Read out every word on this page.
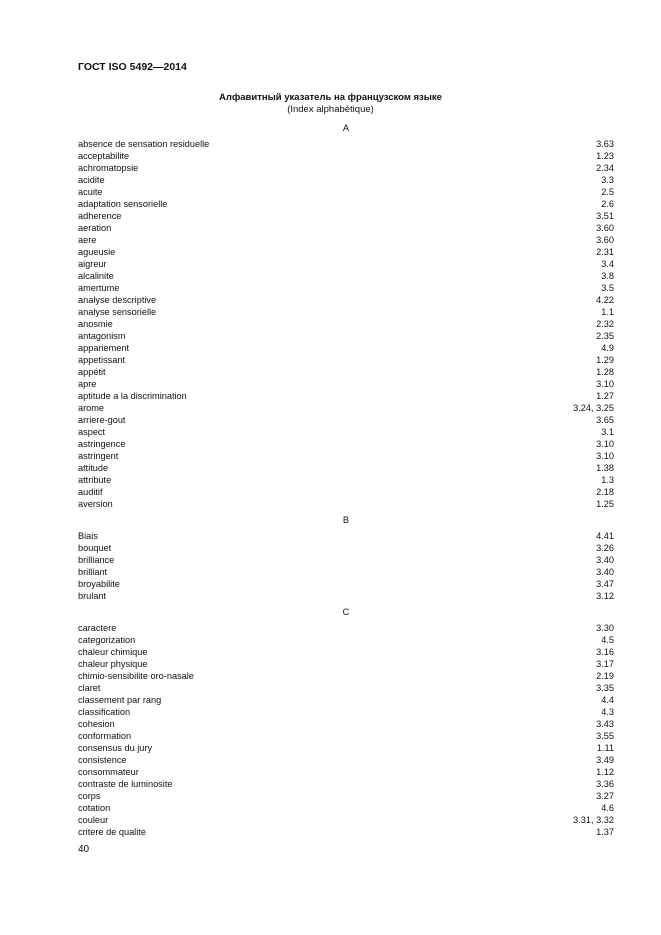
ГОСТ ISO 5492—2014
Алфавитный указатель на французском языке
(Index alphabétique)
A
absence de sensation residuelle	3.63
acceptabilite	1.23
achromatopsie	2.34
acidite	3.3
acuite	2.5
adaptation sensorielle	2.6
adherence	3.51
aeration	3.60
aere	3.60
agueusie	2.31
aigreur	3.4
alcalinite	3.8
amertume	3.5
analyse descriptive	4.22
analyse sensorielle	1.1
anosmie	2.32
antagonism	2.35
appariement	4.9
appetissant	1.29
appétit	1.28
apre	3.10
aptitude a la discrimination	1.27
arome	3.24, 3.25
arriere-gout	3.65
aspect	3.1
astringence	3.10
astringent	3.10
attitude	1.38
attribute	1.3
auditif	2.18
aversion	1.25
B
Biais	4.41
bouquet	3.26
brilliance	3.40
brilliant	3.40
broyabilite	3.47
brulant	3.12
C
caractere	3.30
categorization	4.5
chaleur chimique	3.16
chaleur physique	3.17
chimio-sensibilite oro-nasale	2.19
claret	3.35
classement par rang	4.4
classification	4.3
cohesion	3.43
conformation	3.55
consensus du jury	1.11
consistence	3.49
consommateur	1.12
contraste de luminosite	3.36
corps	3.27
cotation	4.6
couleur	3.31, 3.32
critere de qualite	1.37
40
